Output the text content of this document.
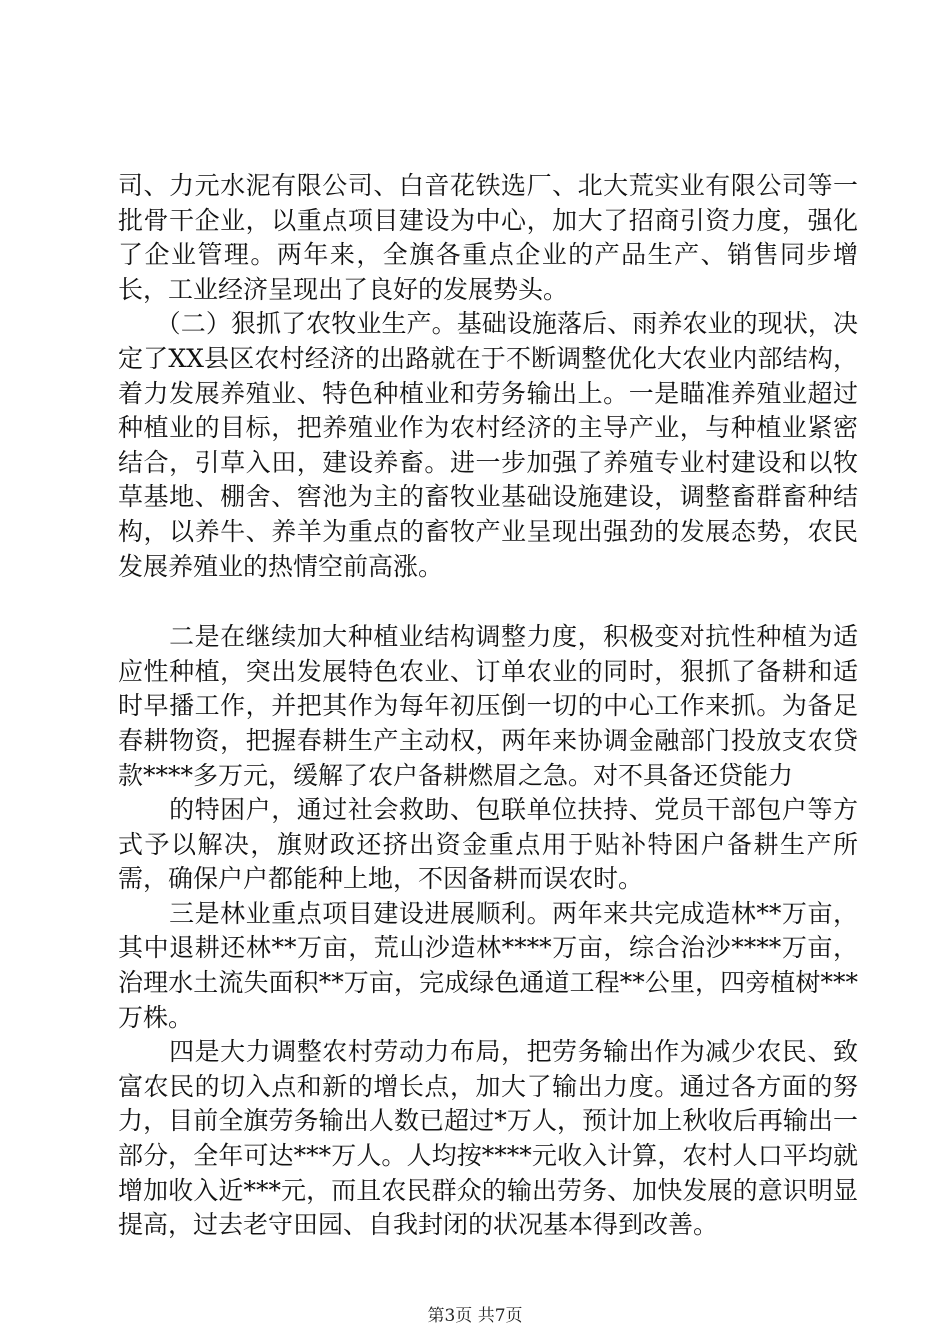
司、力元水泥有限公司、白音花铁选厂、北大荒实业有限公司等一批骨干企业，以重点项目建设为中心，加大了招商引资力度，强化了企业管理。两年来，全旗各重点企业的产品生产、销售同步增长，工业经济呈现出了良好的发展势头。

　　（二）狠抓了农牧业生产。基础设施落后、雨养农业的现状，决定了XX县区农村经济的出路就在于不断调整优化大农业内部结构，着力发展养殖业、特色种植业和劳务输出上。一是瞄准养殖业超过种植业的目标，把养殖业作为农村经济的主导产业，与种植业紧密结合，引草入田，建设养畜。进一步加强了养殖专业村建设和以牧草基地、棚舍、窖池为主的畜牧业基础设施建设，调整畜群畜种结构，以养牛、养羊为重点的畜牧产业呈现出强劲的发展态势，农民发展养殖业的热情空前高涨。

　　二是在继续加大种植业结构调整力度，积极变对抗性种植为适应性种植，突出发展特色农业、订单农业的同时，狠抓了备耕和适时早播工作，并把其作为每年初压倒一切的中心工作来抓。为备足春耕物资，把握春耕生产主动权，两年来协调金融部门投放支农贷款****多万元，缓解了农户备耕燃眉之急。对不具备还贷能力

　　的特困户，通过社会救助、包联单位扶持、党员干部包户等方式予以解决，旗财政还挤出资金重点用于贴补特困户备耕生产所需，确保户户都能种上地，不因备耕而误农时。

　　三是林业重点项目建设进展顺利。两年来共完成造林**万亩，其中退耕还林**万亩，荒山沙造林****万亩，综合治沙****万亩，治理水土流失面积**万亩，完成绿色通道工程**公里，四旁植树***万株。

　　四是大力调整农村劳动力布局，把劳务输出作为减少农民、致富农民的切入点和新的增长点，加大了输出力度。通过各方面的努力，目前全旗劳务输出人数已超过*万人，预计加上秋收后再输出一部分，全年可达***万人。人均按****元收入计算，农村人口平均就增加收入近***元，而且农民群众的输出劳务、加快发展的意识明显提高，过去老守田园、自我封闭的状况基本得到改善。

第3页 共7页
